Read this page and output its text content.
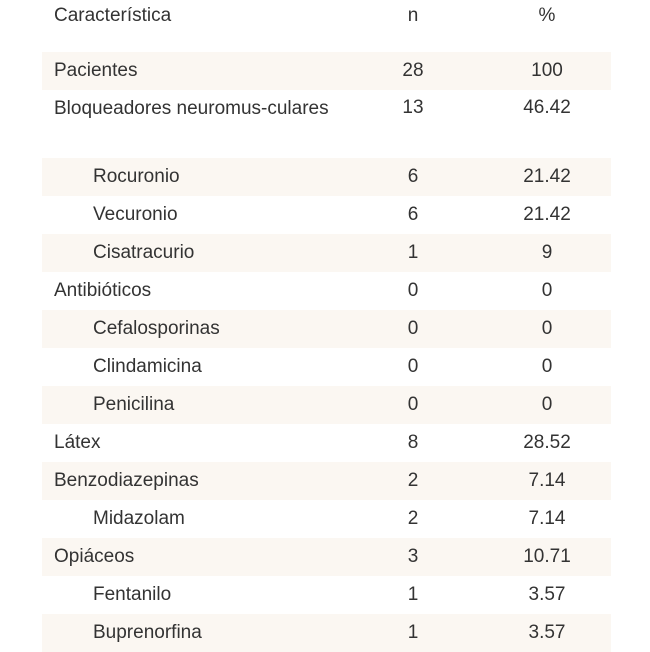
Característica	n	%
Pacientes	28	100
Bloqueadores neuromus-culares	13	46.42
Rocuronio	6	21.42
Vecuronio	6	21.42
Cisatracurio	1	9
Antibióticos	0	0
Cefalosporinas	0	0
Clindamicina	0	0
Penicilina	0	0
Látex	8	28.52
Benzodiazepinas	2	7.14
Midazolam	2	7.14
Opiáceos	3	10.71
Fentanilo	1	3.57
Buprenorfina	1	3.57
